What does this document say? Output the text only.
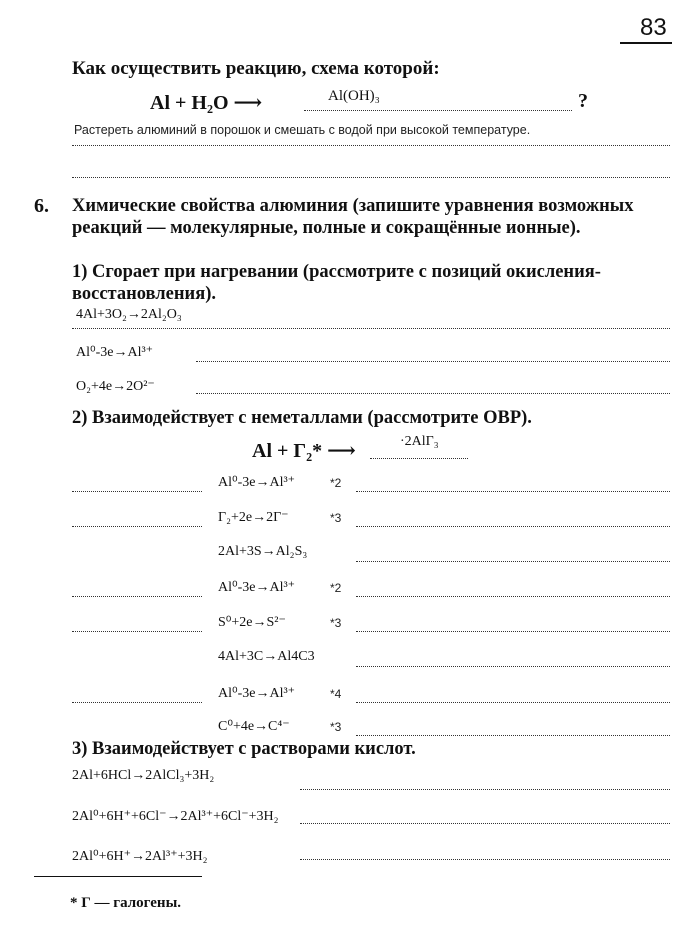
83
Как осуществить реакцию, схема которой:
Al + H₂O ⟶	Al(OH)₃	?
Растереть алюминий в порошок и смешать с водой при высокой температуре.
6. Химические свойства алюминия (запишите уравнения возможных реакций — молекулярные, полные и сокращённые ионные).
1) Сгорает при нагревании (рассмотрите с позиций окисления-восстановления).
4Al+3O₂→2Al₂O₃
Al⁰-3e→Al³⁺
O₂+4e→2O²⁻
2) Взаимодействует с неметаллами (рассмотрите ОВР).
Al + Г₂* ⟶	·2AlГ₃
Al⁰-3e→Al³⁺	*2
Г₂+2e→2Г⁻	*3
2Al+3S→Al₂S₃
Al⁰-3e→Al³⁺	*2
S⁰+2e→S²⁻	*3
4Al+3C→Al4C3
Al⁰-3e→Al³⁺	*4
C⁰+4e→C⁴⁻	*3
3) Взаимодействует с растворами кислот.
2Al+6HCl→2AlCl₃+3H₂
2Al⁰+6H⁺+6Cl⁻→2Al³⁺+6Cl⁻+3H₂
2Al⁰+6H⁺→2Al³⁺+3H₂
* Г — галогены.
